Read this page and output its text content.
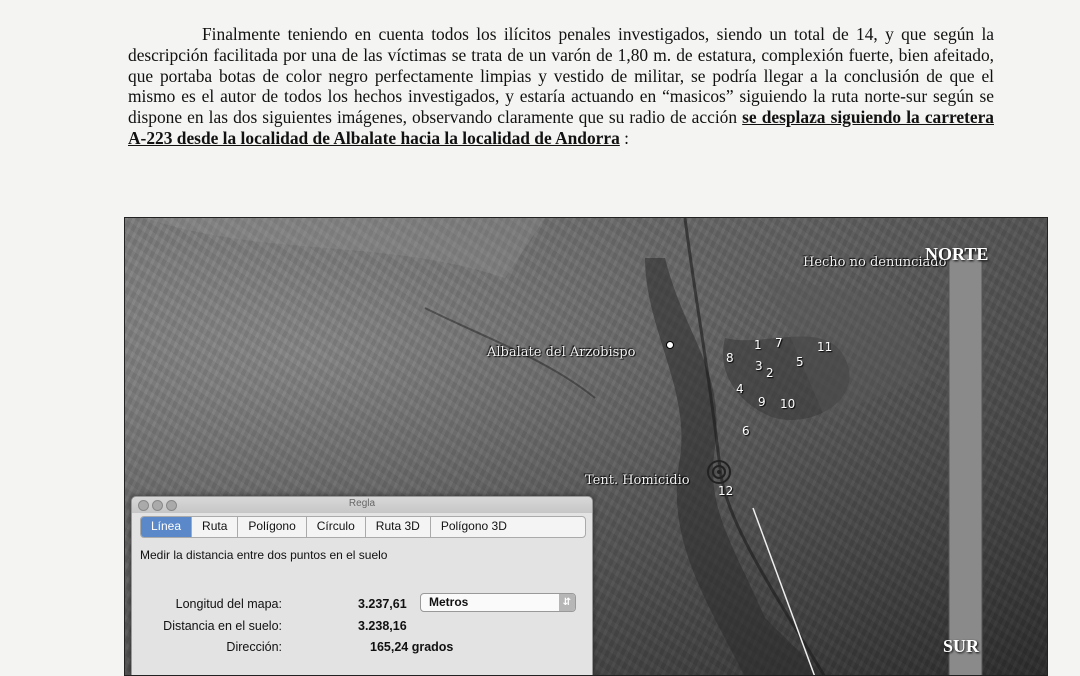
Finalmente teniendo en cuenta todos los ilícitos penales investigados, siendo un total de 14, y que según la descripción facilitada por una de las víctimas se trata de un varón de 1,80 m. de estatura, complexión fuerte, bien afeitado, que portaba botas de color negro perfectamente limpias y vestido de militar, se podría llegar a la conclusión de que el mismo es el autor de todos los hechos investigados, y estaría actuando en “masicos” siguiendo la ruta norte-sur según se dispone en las dos siguientes imágenes, observando claramente que su radio de acción se desplaza siguiendo la carretera A-223 desde la localidad de Albalate hacia la localidad de Andorra :

Albalate del Arzobispo
Hecho no denunciado
Tent. Homicidio
NORTE
SUR
1 7	11
8	5
3 2
4
9 10
6
12
Regla
Línea	Ruta	Polígono	Círculo	Ruta 3D	Polígono 3D
Medir la distancia entre dos puntos en el suelo
Longitud del mapa:	3.237,61	Metros	⇵
Distancia en el suelo:	3.238,16
Dirección:	165,24 grados
